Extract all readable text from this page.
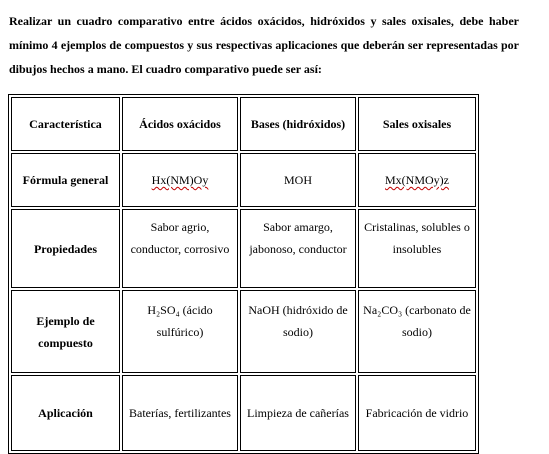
Realizar un cuadro comparativo entre ácidos oxácidos, hidróxidos y sales oxisales, debe haber mínimo 4 ejemplos de compuestos y sus respectivas aplicaciones que deberán ser representadas por dibujos hechos a mano. El cuadro comparativo puede ser así:
Característica	Ácidos oxácidos	Bases (hidróxidos)	Sales oxisales
Fórmula general	Hx(NM)Oy	MOH	Mx(NMOy)z
Propiedades	Sabor agrio, conductor, corrosivo	Sabor amargo, jabonoso, conductor	Cristalinas, solubles o insolubles
Ejemplo de compuesto	H₂SO₄ (ácido sulfúrico)	NaOH (hidróxido de sodio)	Na₂CO₃ (carbonato de sodio)
Aplicación	Baterías, fertilizantes	Limpieza de cañerías	Fabricación de vidrio
